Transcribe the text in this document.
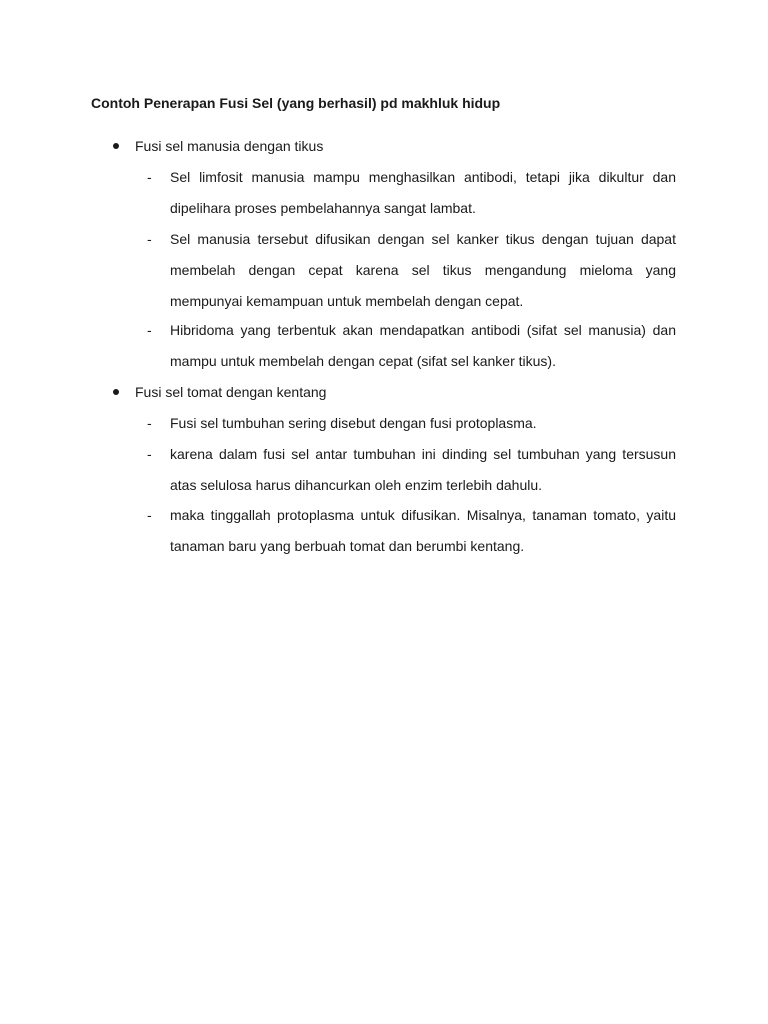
Contoh Penerapan Fusi Sel (yang berhasil) pd makhluk hidup
Fusi sel manusia dengan tikus
- Sel limfosit manusia mampu menghasilkan antibodi, tetapi jika dikultur dan dipelihara proses pembelahannya sangat lambat.
- Sel manusia tersebut difusikan dengan sel kanker tikus dengan tujuan dapat membelah dengan cepat karena sel tikus mengandung mieloma yang mempunyai kemampuan untuk membelah dengan cepat.
- Hibridoma yang terbentuk akan mendapatkan antibodi (sifat sel manusia) dan mampu untuk membelah dengan cepat (sifat sel kanker tikus).
Fusi sel tomat dengan kentang
- Fusi sel tumbuhan sering disebut dengan fusi protoplasma.
- karena dalam fusi sel antar tumbuhan ini dinding sel tumbuhan yang tersusun atas selulosa harus dihancurkan oleh enzim terlebih dahulu.
- maka tinggallah protoplasma untuk difusikan. Misalnya, tanaman tomato, yaitu tanaman baru yang berbuah tomat dan berumbi kentang.
